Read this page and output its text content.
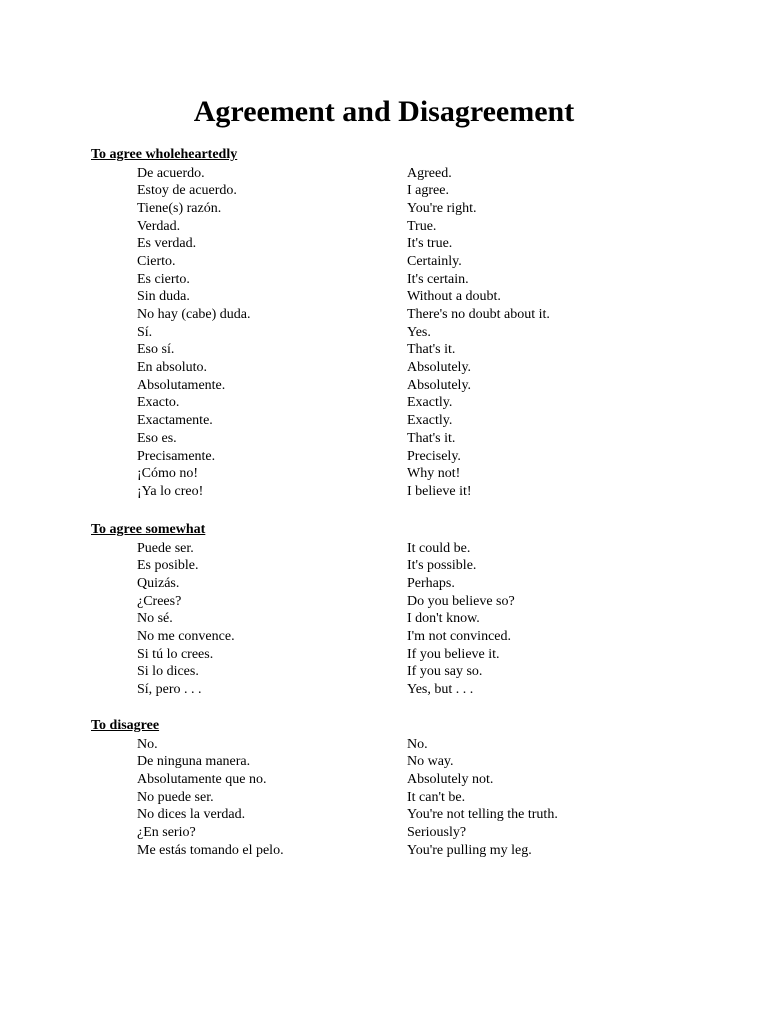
Agreement and Disagreement
To agree wholeheartedly
De acuerdo.	Agreed.
Estoy de acuerdo.	I agree.
Tiene(s) razón.	You're right.
Verdad.	True.
Es verdad.	It's true.
Cierto.	Certainly.
Es cierto.	It's certain.
Sin duda.	Without a doubt.
No hay (cabe) duda.	There's no doubt about it.
Sí.	Yes.
Eso sí.	That's it.
En absoluto.	Absolutely.
Absolutamente.	Absolutely.
Exacto.	Exactly.
Exactamente.	Exactly.
Eso es.	That's it.
Precisamente.	Precisely.
¡Cómo no!	Why not!
¡Ya lo creo!	I believe it!
To agree somewhat
Puede ser.	It could be.
Es posible.	It's possible.
Quizás.	Perhaps.
¿Crees?	Do you believe so?
No sé.	I don't know.
No me convence.	I'm not convinced.
Si tú lo crees.	If you believe it.
Si lo dices.	If you say so.
Sí, pero . . .	Yes, but . . .
To disagree
No.	No.
De ninguna manera.	No way.
Absolutamente que no.	Absolutely not.
No puede ser.	It can't be.
No dices la verdad.	You're not telling the truth.
¿En serio?	Seriously?
Me estás tomando el pelo.	You're pulling my leg.
